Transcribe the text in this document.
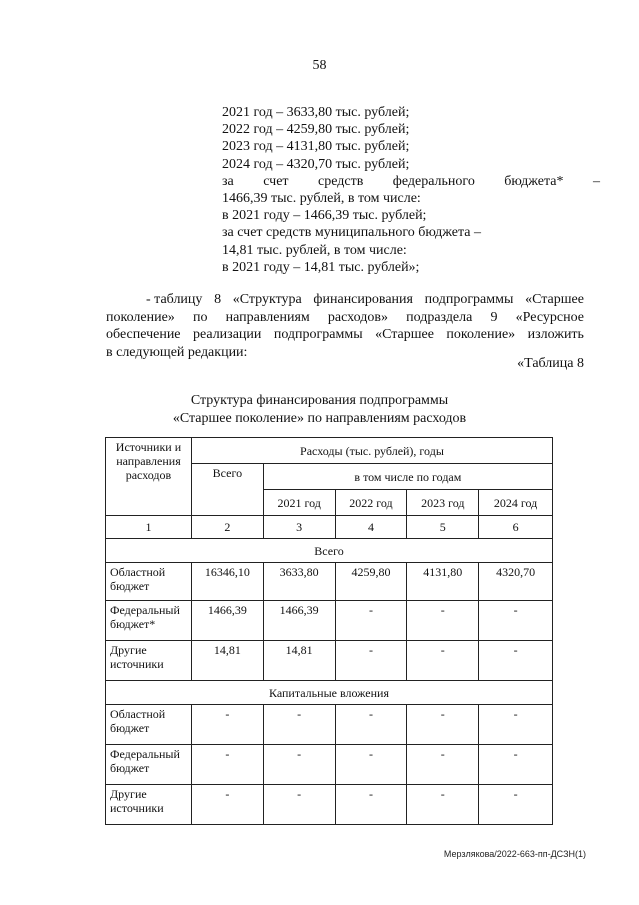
58
2021 год – 3633,80 тыс. рублей;
2022 год – 4259,80 тыс. рублей;
2023 год – 4131,80 тыс. рублей;
2024 год – 4320,70 тыс. рублей;
за счет средств федерального бюджета* –
1466,39 тыс. рублей, в том числе:
в 2021 году – 1466,39 тыс. рублей;
за счет средств муниципального бюджета –
14,81 тыс. рублей, в том числе:
в 2021 году – 14,81 тыс. рублей»;
- таблицу 8 «Структура финансирования подпрограммы «Старшее
поколение» по направлениям расходов» подраздела 9 «Ресурсное
обеспечение реализации подпрограммы «Старшее поколение» изложить
в следующей редакции:
«Таблица 8
Структура финансирования подпрограммы
«Старшее поколение» по направлениям расходов
Источники и направления расходов	Расходы (тыс. рублей), годы				
	Всего	в том числе по годам			
		2021 год	2022 год	2023 год	2024 год
1	2	3	4	5	6
Всего					
Областной бюджет	16346,10	3633,80	4259,80	4131,80	4320,70
Федеральный бюджет*	1466,39	1466,39	-	-	-
Другие источники	14,81	14,81	-	-	-
Капитальные вложения					
Областной бюджет	-	-	-	-	-
Федеральный бюджет	-	-	-	-	-
Другие источники	-	-	-	-	-
Мерзлякова/2022-663-пп-ДСЗН(1)
